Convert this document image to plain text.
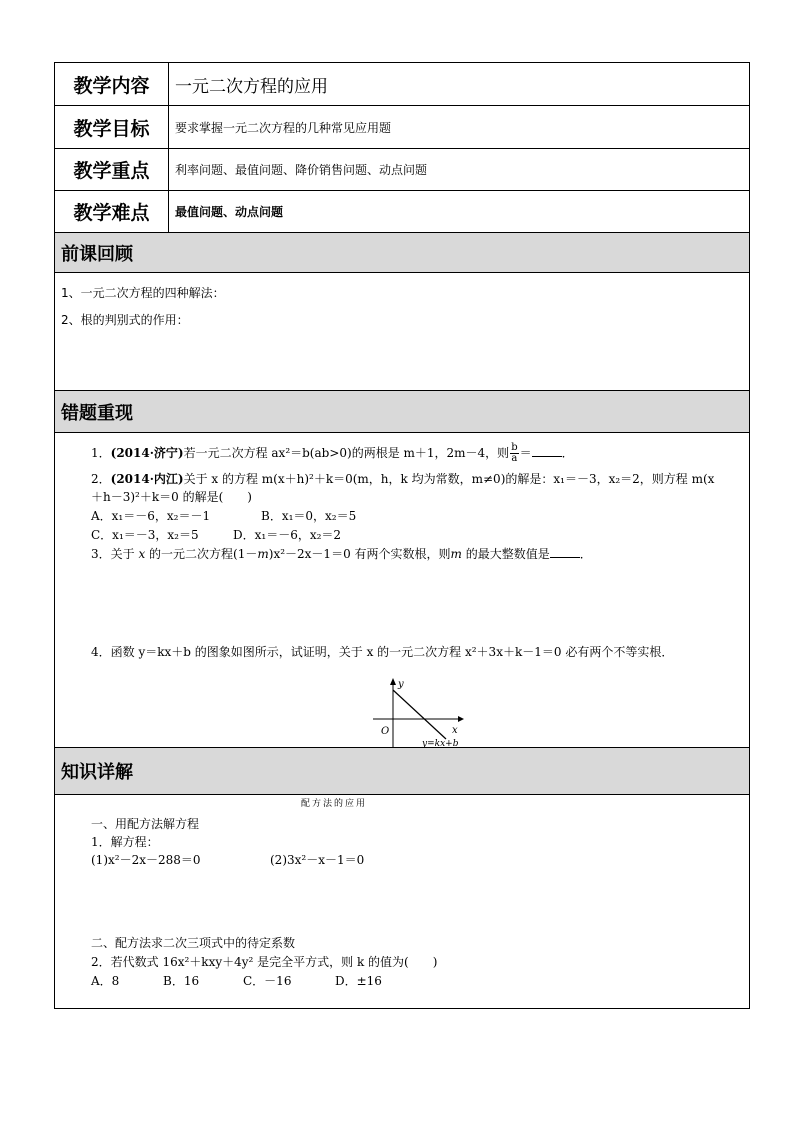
教学内容	一元二次方程的应用
教学目标	要求掌握一元二次方程的几种常见应用题
教学重点	利率问题、最值问题、降价销售问题、动点问题
教学难点	最值问题、动点问题
前课回顾
1、一元二次方程的四种解法：
2、根的判别式的作用：
错题重现
1．(2014·济宁)若一元二次方程 ax²＝b(ab>0)的两根是 m＋1，2m－4，则 $\frac{b}{a}$ ＝	．
2．(2014·内江)关于 x 的方程 m(x＋h)²＋k＝0(m，h，k 均为常数，m≠0)的解是：x₁＝－3，x₂＝2，则方程 m(x
＋h－3)²＋k＝0 的解是(　　)
A．x₁＝－6，x₂＝－1	B．x₁＝0，x₂＝5
C．x₁＝－3，x₂＝5	D．x₁＝－6，x₂＝2
3．关于 x 的一元二次方程(1－m)x²－2x－1＝0 有两个实数根，则m 的最大整数值是	．
4．函数 y＝kx＋b 的图象如图所示，试证明，关于 x 的一元二次方程 x²＋3x＋k－1＝0 必有两个不等实根．
y
x
O
y=kx+b
知识详解
配方法的应用
一、用配方法解方程
1．解方程：
(1)x²－2x－288＝0	(2)3x²－x－1＝0
二、配方法求二次三项式中的待定系数
2．若代数式 16x²＋kxy＋4y² 是完全平方式，则 k 的值为(　　)
A．8	B．16	C．－16	D．±16
